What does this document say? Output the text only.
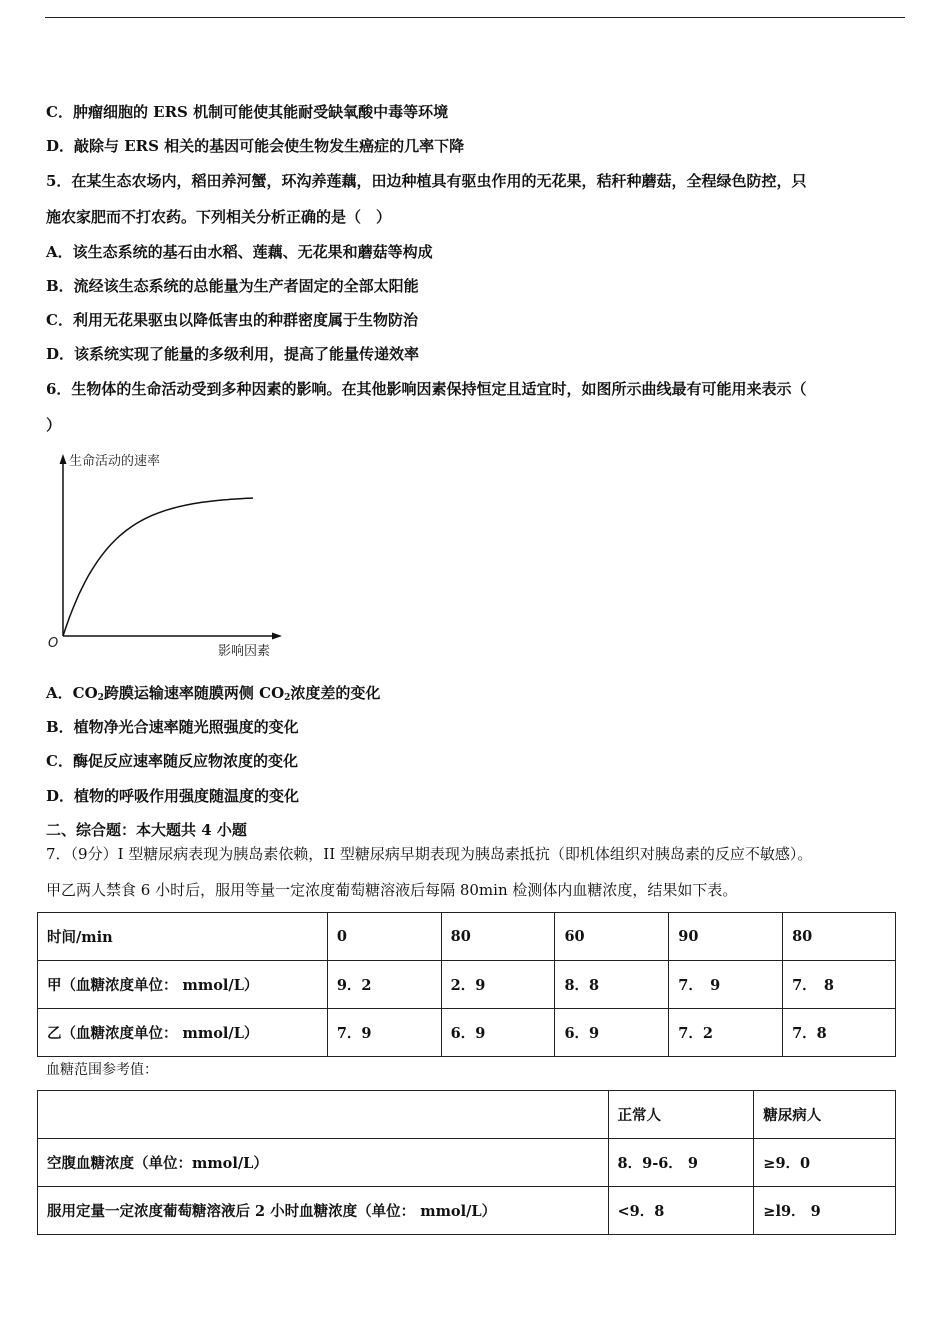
C．肿瘤细胞的 ERS 机制可能使其能耐受缺氧酸中毒等环境
D．敲除与 ERS 相关的基因可能会使生物发生癌症的几率下降
5．在某生态农场内，稻田养河蟹，环沟养莲藕，田边种植具有驱虫作用的无花果，秸秆种蘑菇，全程绿色防控，只
施农家肥而不打农药。下列相关分析正确的是（　）
A．该生态系统的基石由水稻、莲藕、无花果和蘑菇等构成
B．流经该生态系统的总能量为生产者固定的全部太阳能
C．利用无花果驱虫以降低害虫的种群密度属于生物防治
D．该系统实现了能量的多级利用，提高了能量传递效率
6．生物体的生命活动受到多种因素的影响。在其他影响因素保持恒定且适宜时，如图所示曲线最有可能用来表示（
）
生命活动的速率
影响因素
O
A．$CO_2$跨膜运输速率随膜两侧 $CO_2$浓度差的变化
B．植物净光合速率随光照强度的变化
C．酶促反应速率随反应物浓度的变化
D．植物的呼吸作用强度随温度的变化
二、综合题：本大题共 4 小题
7．（9分）I 型糖尿病表现为胰岛素依赖，II 型糖尿病早期表现为胰岛素抵抗（即机体组织对胰岛素的反应不敏感）。
甲乙两人禁食 6 小时后，服用等量一定浓度葡萄糖溶液后每隔 80min 检测体内血糖浓度，结果如下表。
时间/min	0	80	60	90	80
甲（血糖浓度单位： mmol/L）	9．2	2．9	8．8	7．　9	7．　8
乙（血糖浓度单位： mmol/L）	7．9	6．9	6．9	7．2	7．8
血糖范围参考值：
	正常人	糖尿病人
空腹血糖浓度（单位：mmol/L）	8．9-6． 9	≥9．0
服用定量一定浓度葡萄糖溶液后 2 小时血糖浓度（单位： mmol/L）	<9．8	≥l9． 9
